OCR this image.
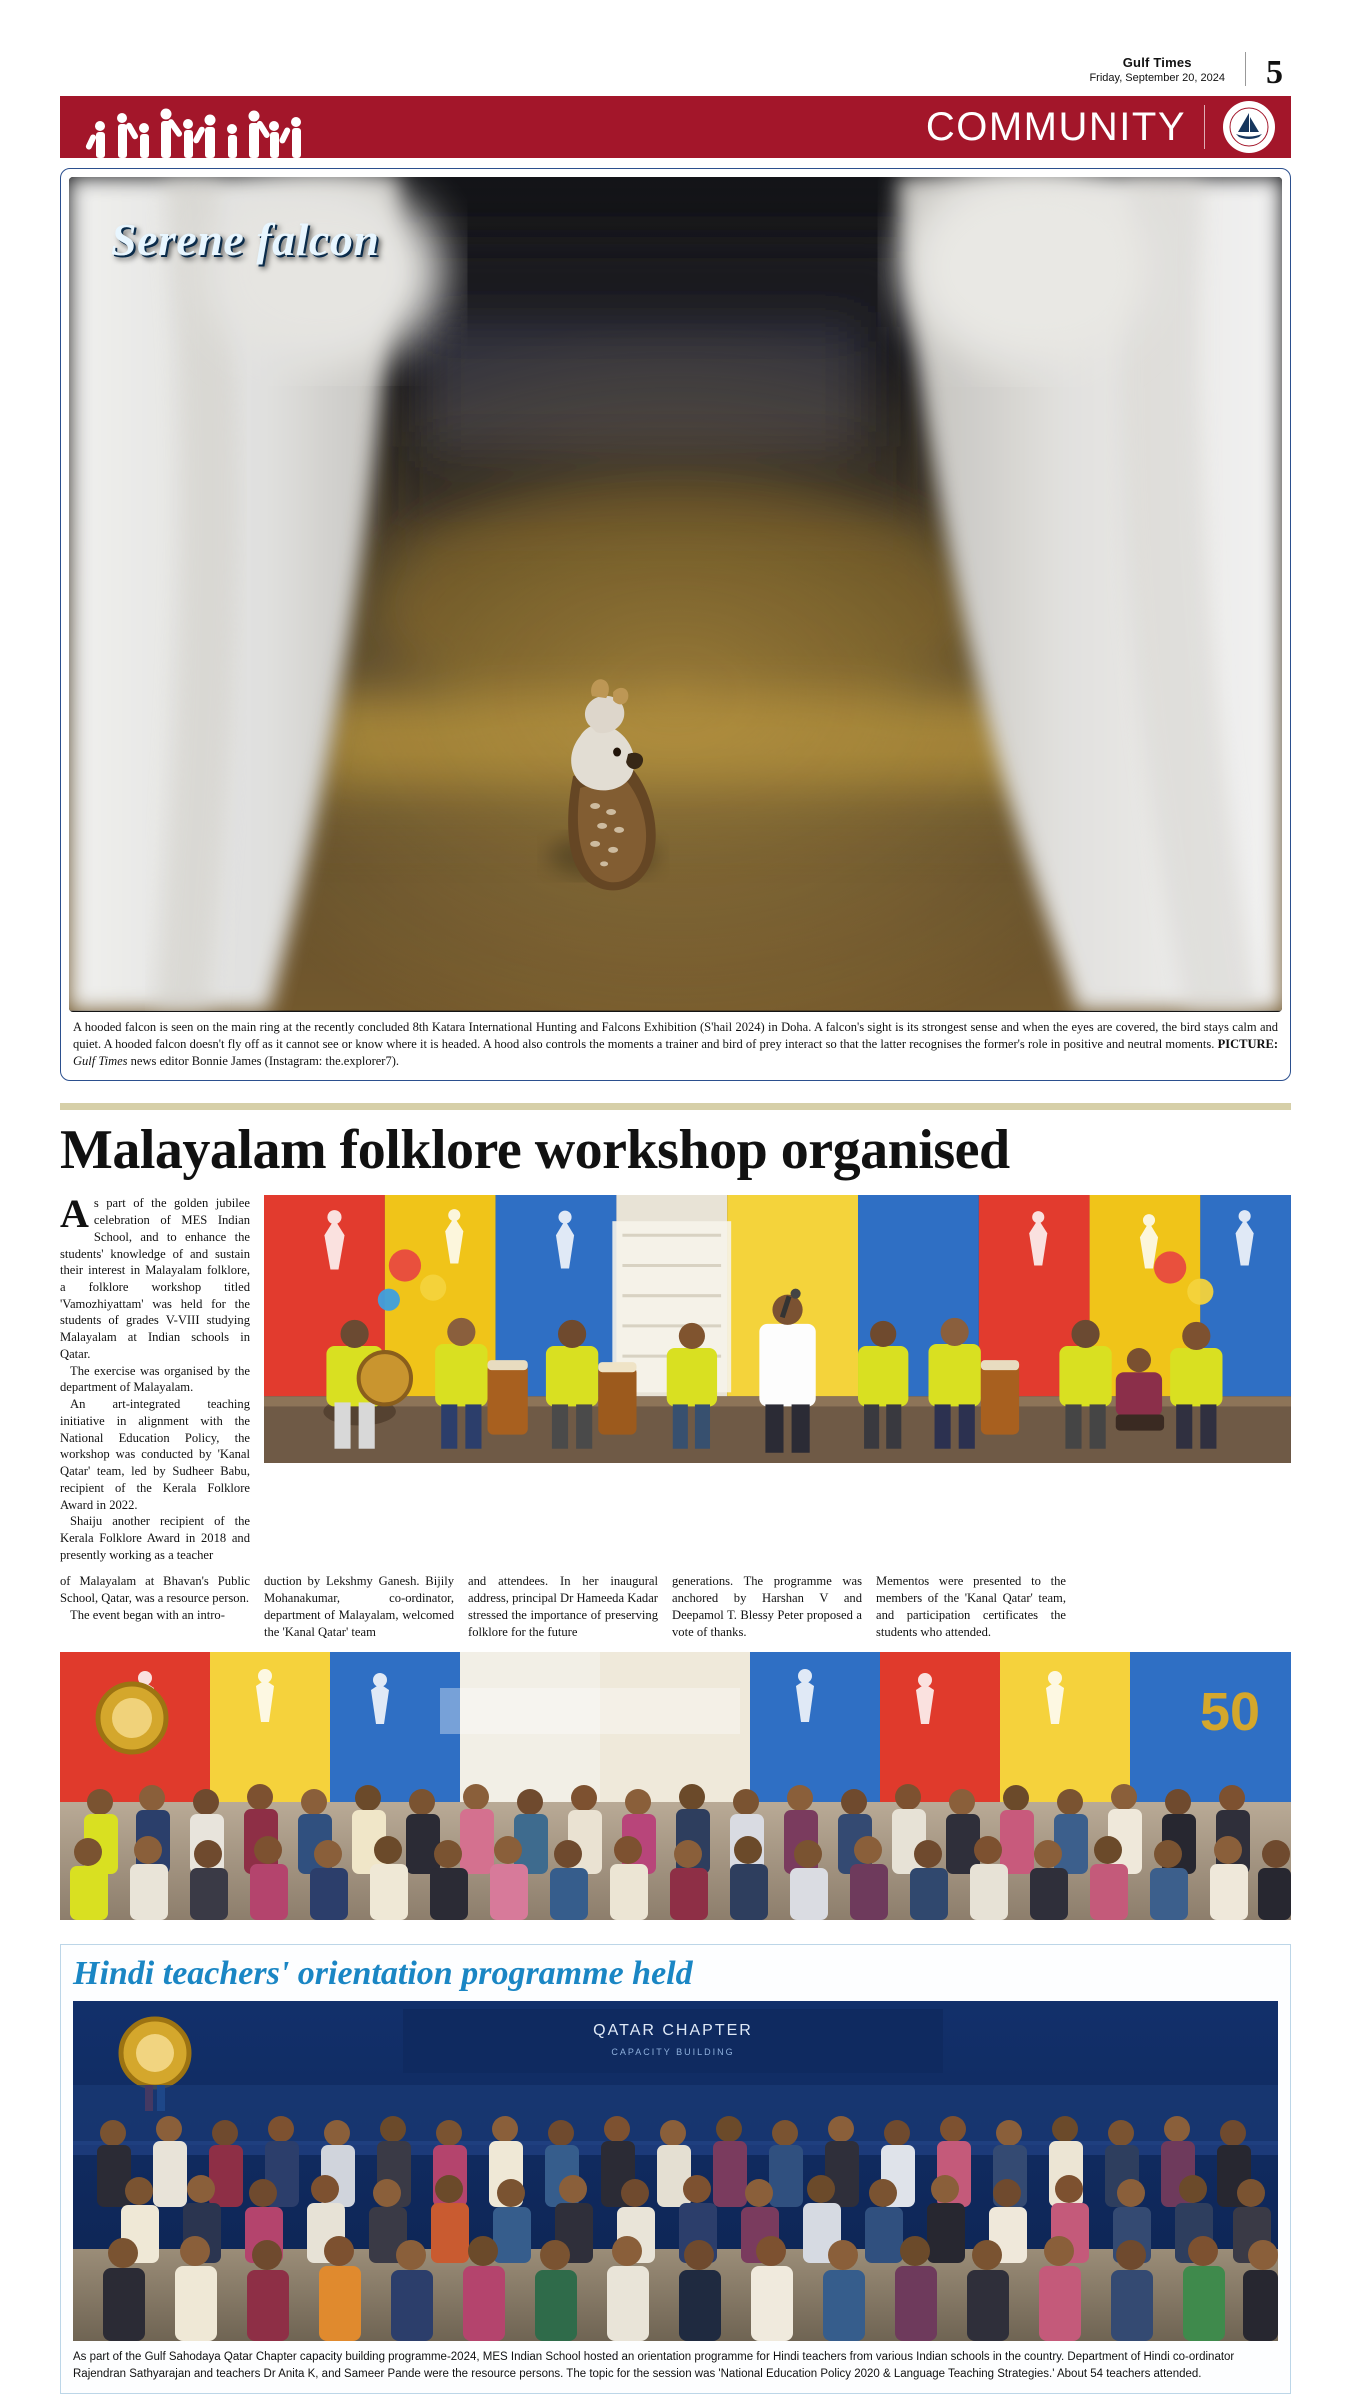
Gulf Times
Friday, September 20, 2024 5
COMMUNITY
Serene falcon
A hooded falcon is seen on the main ring at the recently concluded 8th Katara International Hunting and Falcons Exhibition (S'hail 2024) in Doha. A falcon's sight is its strongest sense and when the eyes are covered, the bird stays calm and quiet. A hooded falcon doesn't fly off as it cannot see or know where it is headed. A hood also controls the moments a trainer and bird of prey interact so that the latter recognises the former's role in positive and neutral moments. PICTURE: Gulf Times news editor Bonnie James (Instagram: the.explorer7).
Malayalam folklore workshop organised

As part of the golden jubilee celebration of MES Indian School, and to enhance the students' knowledge of and sustain their interest in Malayalam folklore, a folklore workshop titled 'Vamozhiyattam' was held for the students of grades V-VIII studying Malayalam at Indian schools in Qatar.

The exercise was organised by the department of Malayalam.

An art-integrated teaching initiative in alignment with the National Education Policy, the workshop was conducted by 'Kanal Qatar' team, led by Sudheer Babu, recipient of the Kerala Folklore Award in 2022.

Shaiju another recipient of the Kerala Folklore Award in 2018 and presently working as a teacher

of Malayalam at Bhavan's Public School, Qatar, was a resource person.

The event began with an intro-

duction by Lekshmy Ganesh. Bijily Mohanakumar, co-ordinator, department of Malayalam, welcomed the 'Kanal Qatar' team

and attendees. In her inaugural address, principal Dr Hameeda Kadar stressed the importance of preserving folklore for the future

generations. The programme was anchored by Harshan V and Deepamol T. Blessy Peter proposed a vote of thanks.

Mementos were presented to the members of the 'Kanal Qatar' team, and participation certificates the students who attended.

50
Hindi teachers' orientation programme held
QATAR CHAPTER
CAPACITY BUILDING
As part of the Gulf Sahodaya Qatar Chapter capacity building programme-2024, MES Indian School hosted an orientation programme for Hindi teachers from various Indian schools in the country. Department of Hindi co-ordinator Rajendran Sathyarajan and teachers Dr Anita K, and Sameer Pande were the resource persons. The topic for the session was 'National Education Policy 2020 & Language Teaching Strategies.' About 54 teachers attended.
